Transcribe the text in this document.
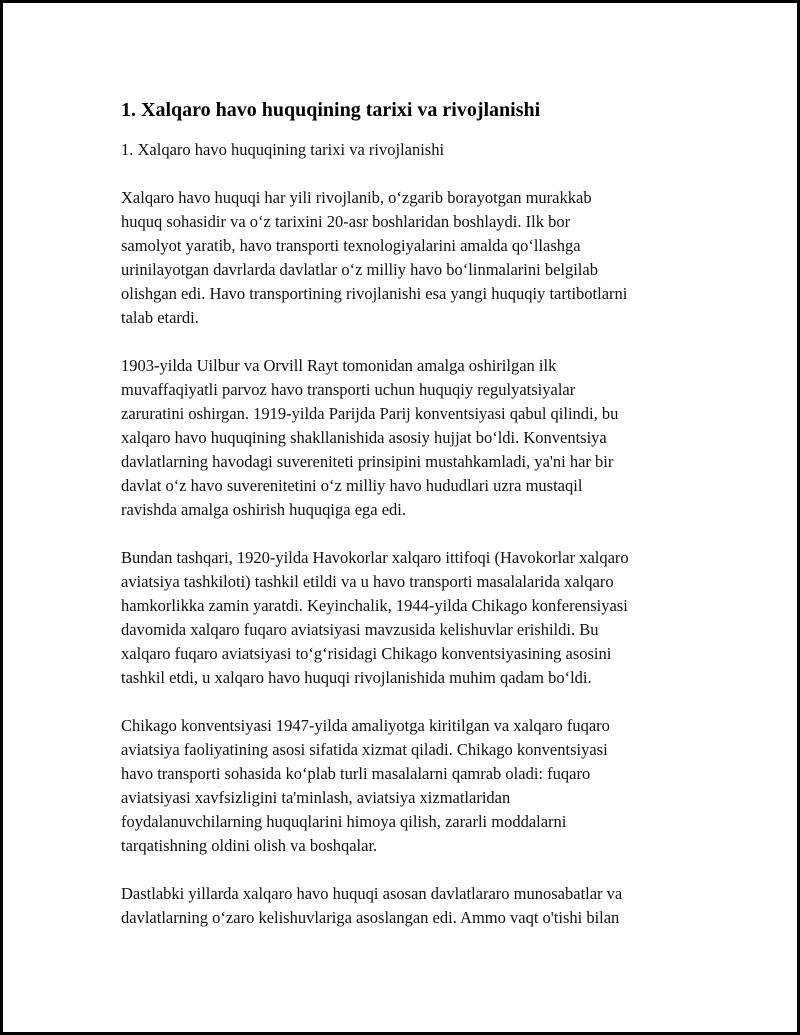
1. Xalqaro havo huquqining tarixi va rivojlanishi

1. Xalqaro havo huquqining tarixi va rivojlanishi

Xalqaro havo huquqi har yili rivojlanib, o‘zgarib borayotgan murakkab
huquq sohasidir va o‘z tarixini 20-asr boshlaridan boshlaydi. Ilk bor
samolyot yaratib, havo transporti texnologiyalarini amalda qo‘llashga
urinilayotgan davrlarda davlatlar o‘z milliy havo bo‘linmalarini belgilab
olishgan edi. Havo transportining rivojlanishi esa yangi huquqiy tartibotlarni
talab etardi.

1903-yilda Uilbur va Orvill Rayt tomonidan amalga oshirilgan ilk
muvaffaqiyatli parvoz havo transporti uchun huquqiy regulyatsiyalar
zaruratini oshirgan. 1919-yilda Parijda Parij konventsiyasi qabul qilindi, bu
xalqaro havo huquqining shakllanishida asosiy hujjat bo‘ldi. Konventsiya
davlatlarning havodagi suvereniteti prinsipini mustahkamladi, ya'ni har bir
davlat o‘z havo suverenitetini o‘z milliy havo hududlari uzra mustaqil
ravishda amalga oshirish huquqiga ega edi.

Bundan tashqari, 1920-yilda Havokorlar xalqaro ittifoqi (Havokorlar xalqaro
aviatsiya tashkiloti) tashkil etildi va u havo transporti masalalarida xalqaro
hamkorlikka zamin yaratdi. Keyinchalik, 1944-yilda Chikago konferensiyasi
davomida xalqaro fuqaro aviatsiyasi mavzusida kelishuvlar erishildi. Bu
xalqaro fuqaro aviatsiyasi to‘g‘risidagi Chikago konventsiyasining asosini
tashkil etdi, u xalqaro havo huquqi rivojlanishida muhim qadam bo‘ldi.

Chikago konventsiyasi 1947-yilda amaliyotga kiritilgan va xalqaro fuqaro
aviatsiya faoliyatining asosi sifatida xizmat qiladi. Chikago konventsiyasi
havo transporti sohasida ko‘plab turli masalalarni qamrab oladi: fuqaro
aviatsiyasi xavfsizligini ta'minlash, aviatsiya xizmatlaridan
foydalanuvchilarning huquqlarini himoya qilish, zararli moddalarni
tarqatishning oldini olish va boshqalar.

Dastlabki yillarda xalqaro havo huquqi asosan davlatlararo munosabatlar va
davlatlarning o‘zaro kelishuvlariga asoslangan edi. Ammo vaqt o'tishi bilan
